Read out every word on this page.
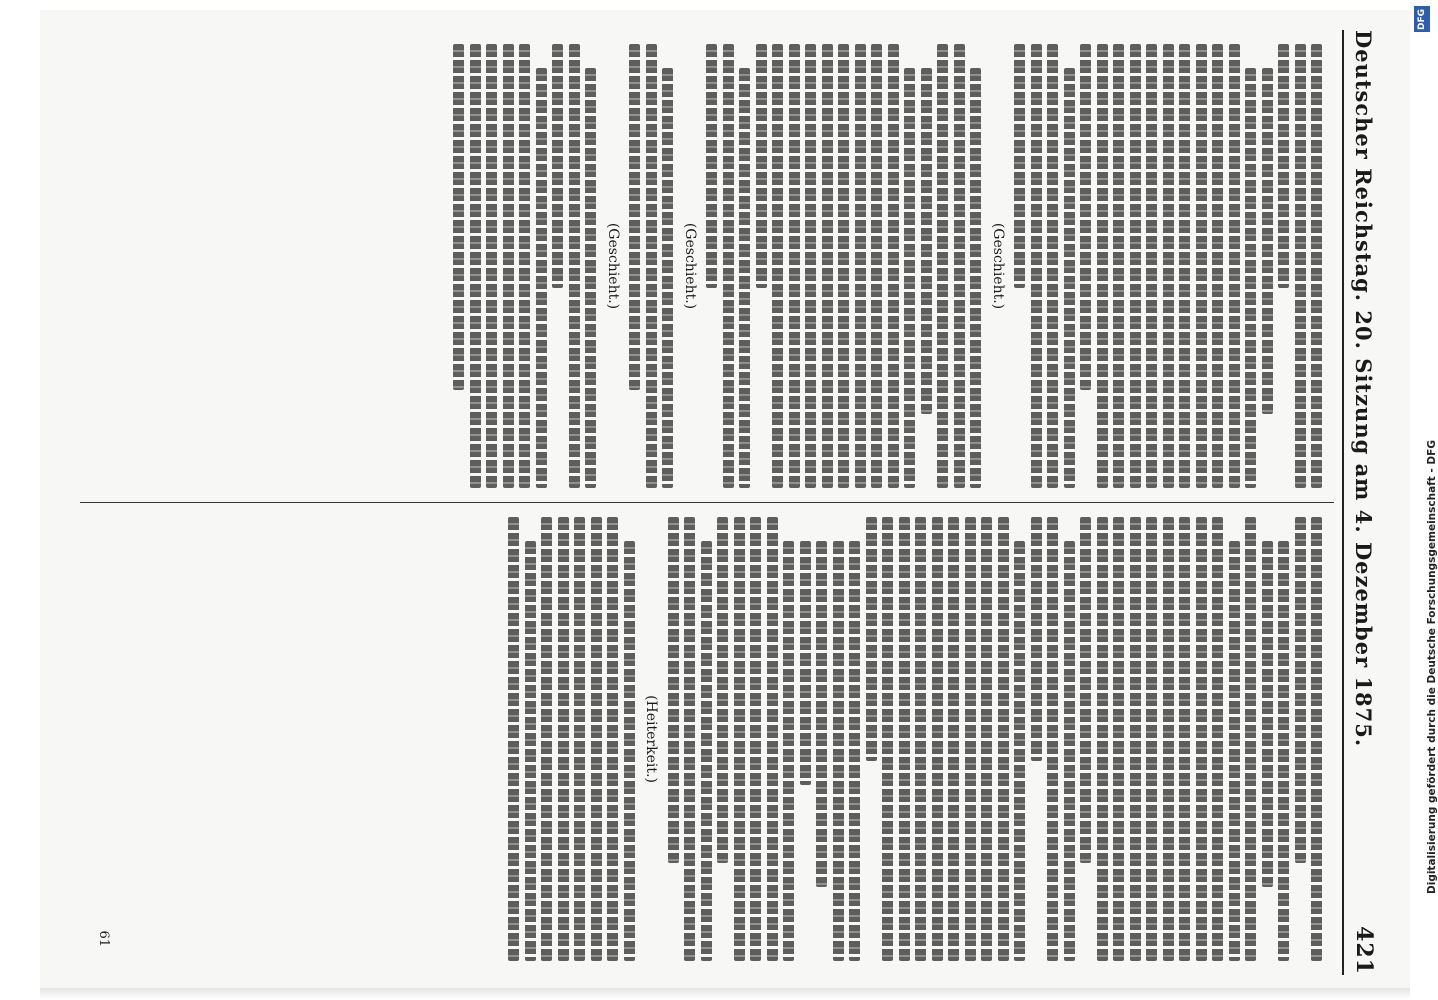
Deutscher Reichstag. 20. Sitzung am 4. Dezember 1875.
421
(Geschieht.)
(Geschieht.)
(Geschieht.)
(Heiterkeit.)
61
DFG
Digitalisierung gefördert durch die Deutsche Forschungsgemeinschaft - DFG
